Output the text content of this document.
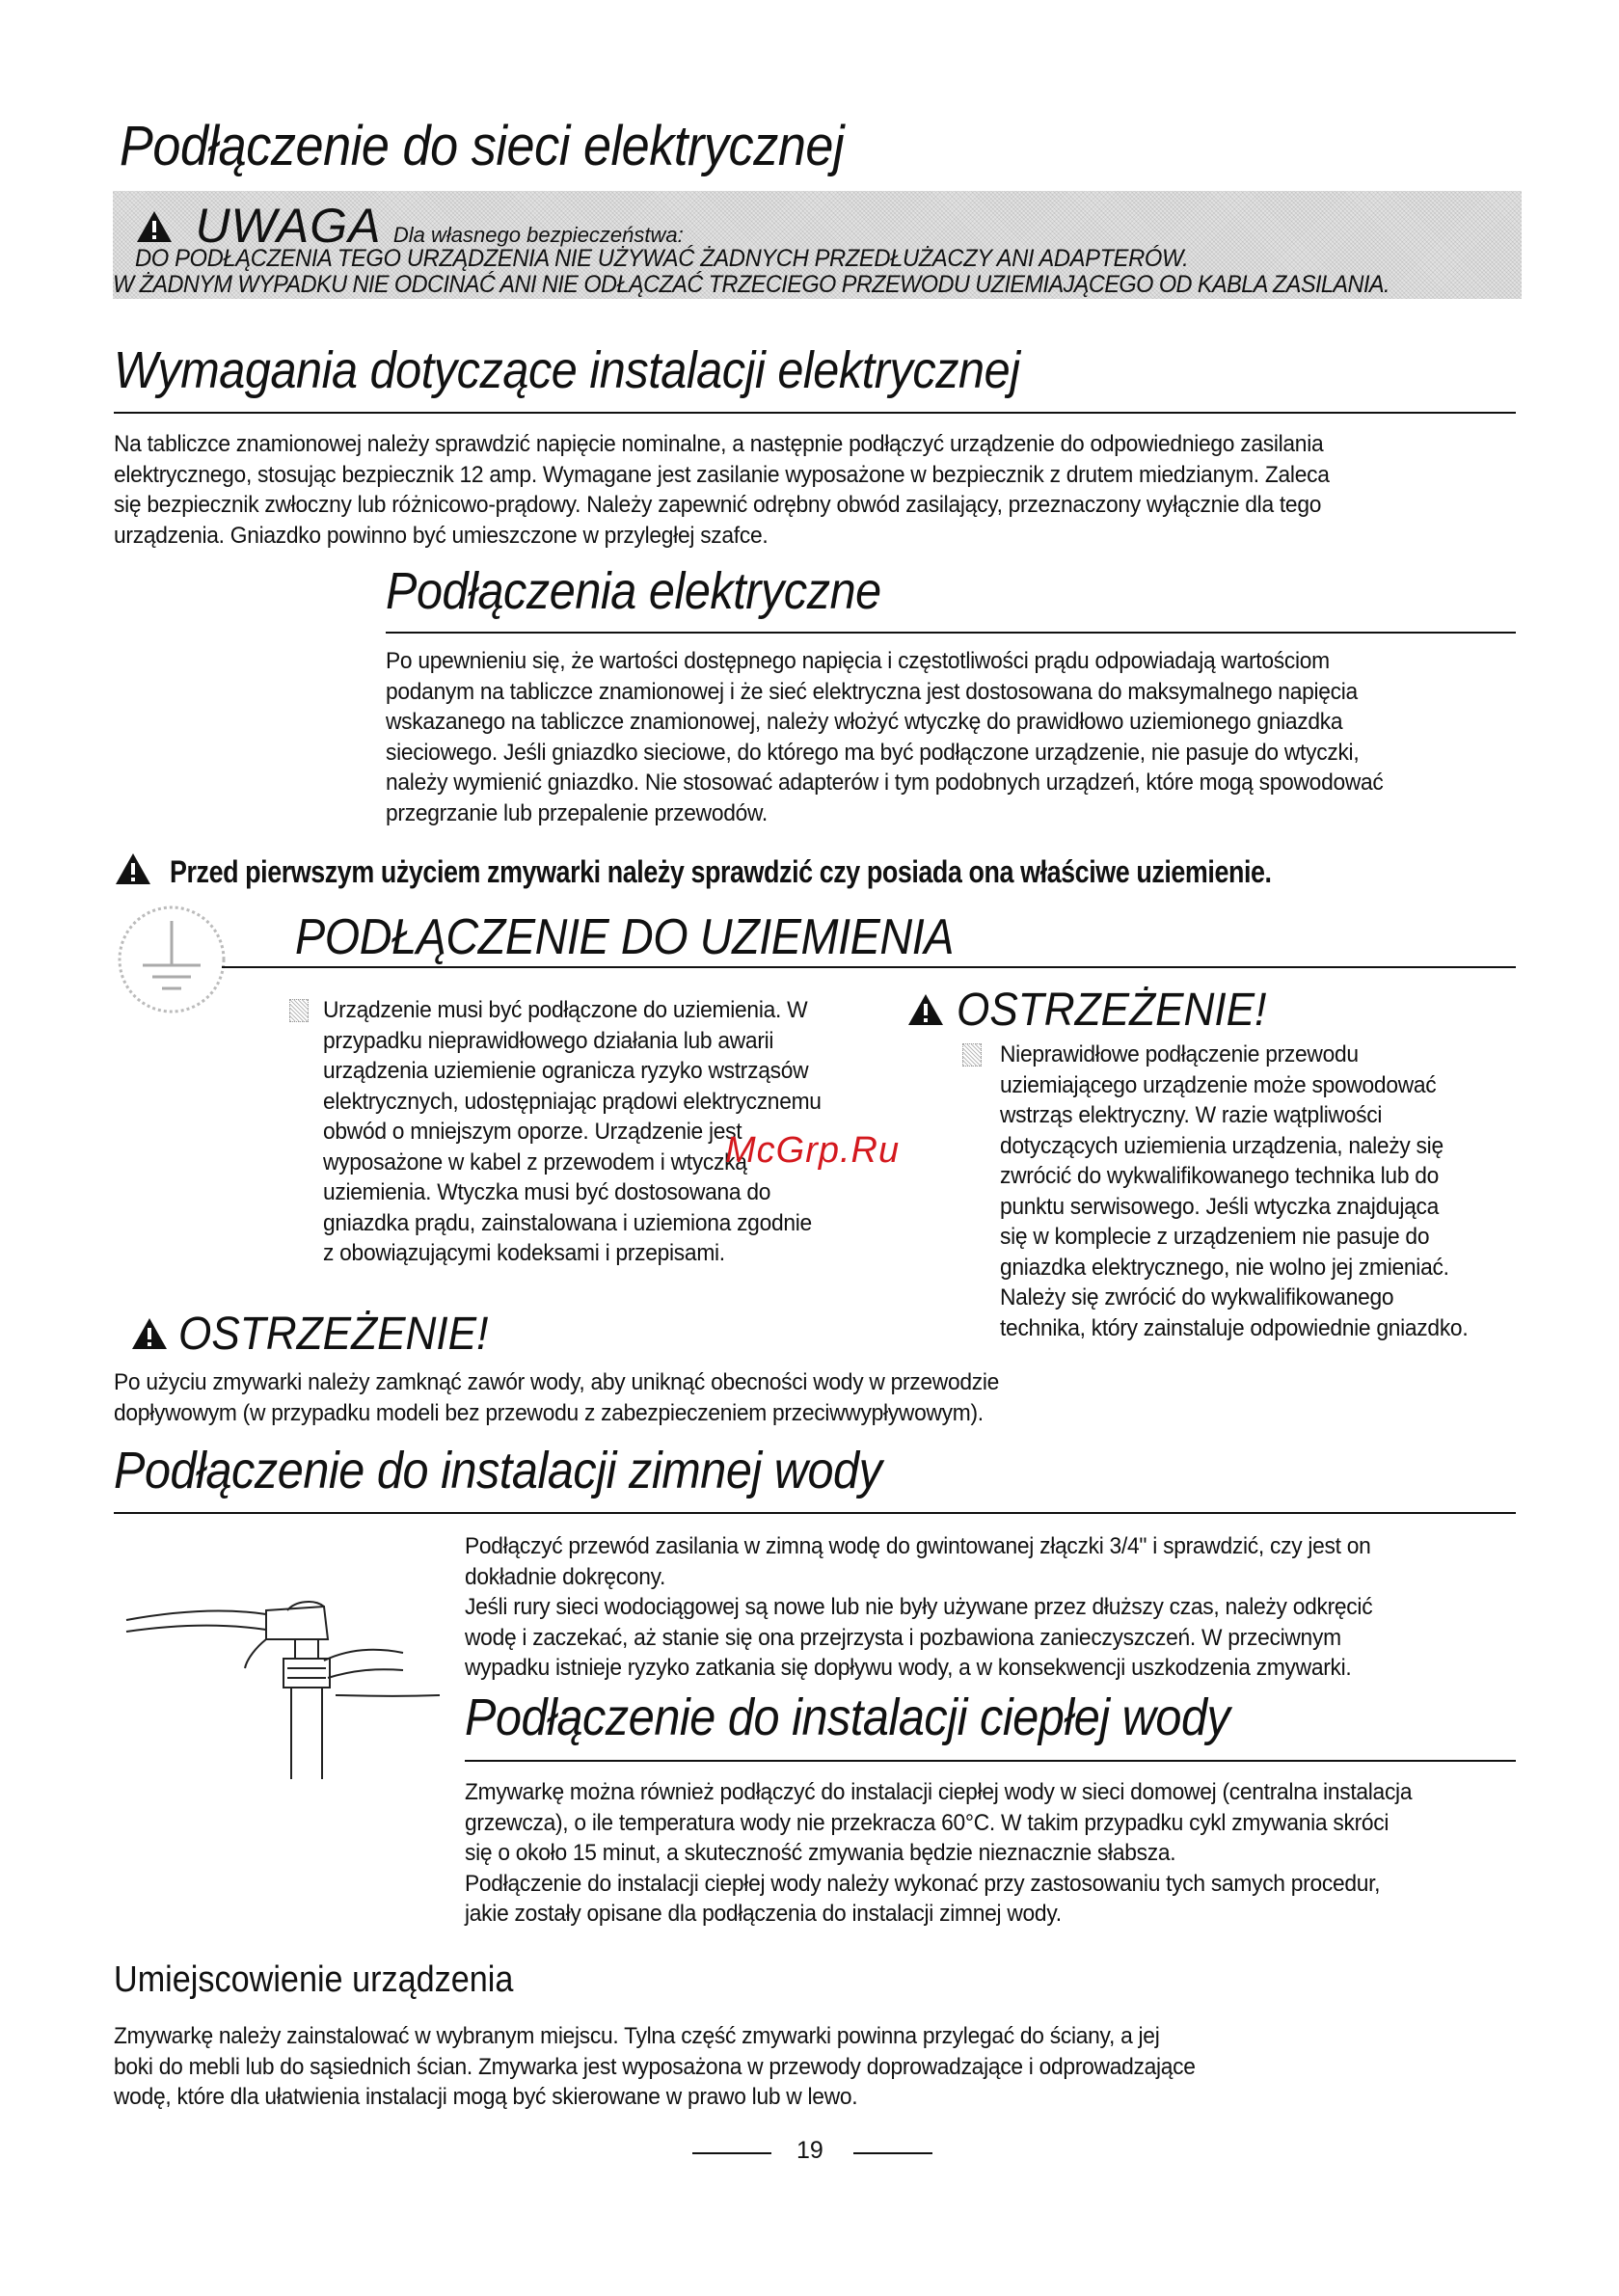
Podłączenie do sieci elektrycznej
UWAGA Dla własnego bezpieczeństwa:
DO PODŁĄCZENIA TEGO URZĄDZENIA NIE UŻYWAĆ ŻADNYCH PRZEDŁUŻACZY ANI ADAPTERÓW.
W ŻADNYM WYPADKU NIE ODCINAĆ ANI NIE ODŁĄCZAĆ TRZECIEGO PRZEWODU UZIEMIAJĄCEGO OD KABLA ZASILANIA.
Wymagania dotyczące instalacji elektrycznej

Na tabliczce znamionowej należy sprawdzić napięcie nominalne, a następnie podłączyć urządzenie do odpowiedniego zasilania

elektrycznego, stosując bezpiecznik 12 amp. Wymagane jest zasilanie wyposażone w bezpiecznik z drutem miedzianym. Zaleca

się bezpiecznik zwłoczny lub różnicowo-prądowy. Należy zapewnić odrębny obwód zasilający, przeznaczony wyłącznie dla tego

urządzenia. Gniazdko powinno być umieszczone w przyległej szafce.

Podłączenia elektryczne

Po upewnieniu się, że wartości dostępnego napięcia i częstotliwości prądu odpowiadają wartościom

podanym na tabliczce znamionowej i że sieć elektryczna jest dostosowana do maksymalnego napięcia

wskazanego na tabliczce znamionowej, należy włożyć wtyczkę do prawidłowo uziemionego gniazdka

sieciowego. Jeśli gniazdko sieciowe, do którego ma być podłączone urządzenie, nie pasuje do wtyczki,

należy wymienić gniazdko. Nie stosować adapterów i tym podobnych urządzeń, które mogą spowodować

przegrzanie lub przepalenie przewodów.

Przed pierwszym użyciem zmywarki należy sprawdzić czy posiada ona właściwe uziemienie.
PODŁĄCZENIE DO UZIEMIENIA

Urządzenie musi być podłączone do uziemienia. W

przypadku nieprawidłowego działania lub awarii

urządzenia uziemienie ogranicza ryzyko wstrząsów

elektrycznych, udostępniając prądowi elektrycznemu

obwód o mniejszym oporze. Urządzenie jest

wyposażone w kabel z przewodem i wtyczką

uziemienia. Wtyczka musi być dostosowana do

gniazdka prądu, zainstalowana i uziemiona zgodnie

z obowiązującymi kodeksami i przepisami.

OSTRZEŻENIE!

Nieprawidłowe podłączenie przewodu

uziemiającego urządzenie może spowodować

wstrząs elektryczny. W razie wątpliwości

dotyczących uziemienia urządzenia, należy się

zwrócić do wykwalifikowanego technika lub do

punktu serwisowego. Jeśli wtyczka znajdująca

się w komplecie z urządzeniem nie pasuje do

gniazdka elektrycznego, nie wolno jej zmieniać.

Należy się zwrócić do wykwalifikowanego

technika, który zainstaluje odpowiednie gniazdko.

McGrp.Ru
OSTRZEŻENIE!

Po użyciu zmywarki należy zamknąć zawór wody, aby uniknąć obecności wody w przewodzie

dopływowym (w przypadku modeli bez przewodu z zabezpieczeniem przeciwwypływowym).

Podłączenie do instalacji zimnej wody

Podłączyć przewód zasilania w zimną wodę do gwintowanej złączki 3/4" i sprawdzić, czy jest on

dokładnie dokręcony.

Jeśli rury sieci wodociągowej są nowe lub nie były używane przez dłuższy czas, należy odkręcić

wodę i zaczekać, aż stanie się ona przejrzysta i pozbawiona zanieczyszczeń. W przeciwnym

wypadku istnieje ryzyko zatkania się dopływu wody, a w konsekwencji uszkodzenia zmywarki.

Podłączenie do instalacji ciepłej wody

Zmywarkę można również podłączyć do instalacji ciepłej wody w sieci domowej (centralna instalacja

grzewcza), o ile temperatura wody nie przekracza 60°C. W takim przypadku cykl zmywania skróci

się o około 15 minut, a skuteczność zmywania będzie nieznacznie słabsza.

Podłączenie do instalacji ciepłej wody należy wykonać przy zastosowaniu tych samych procedur,

jakie zostały opisane dla podłączenia do instalacji zimnej wody.

Umiejscowienie urządzenia

Zmywarkę należy zainstalować w wybranym miejscu. Tylna część zmywarki powinna przylegać do ściany, a jej

boki do mebli lub do sąsiednich ścian. Zmywarka jest wyposażona w przewody doprowadzające i odprowadzające

wodę, które dla ułatwienia instalacji mogą być skierowane w prawo lub w lewo.

19
